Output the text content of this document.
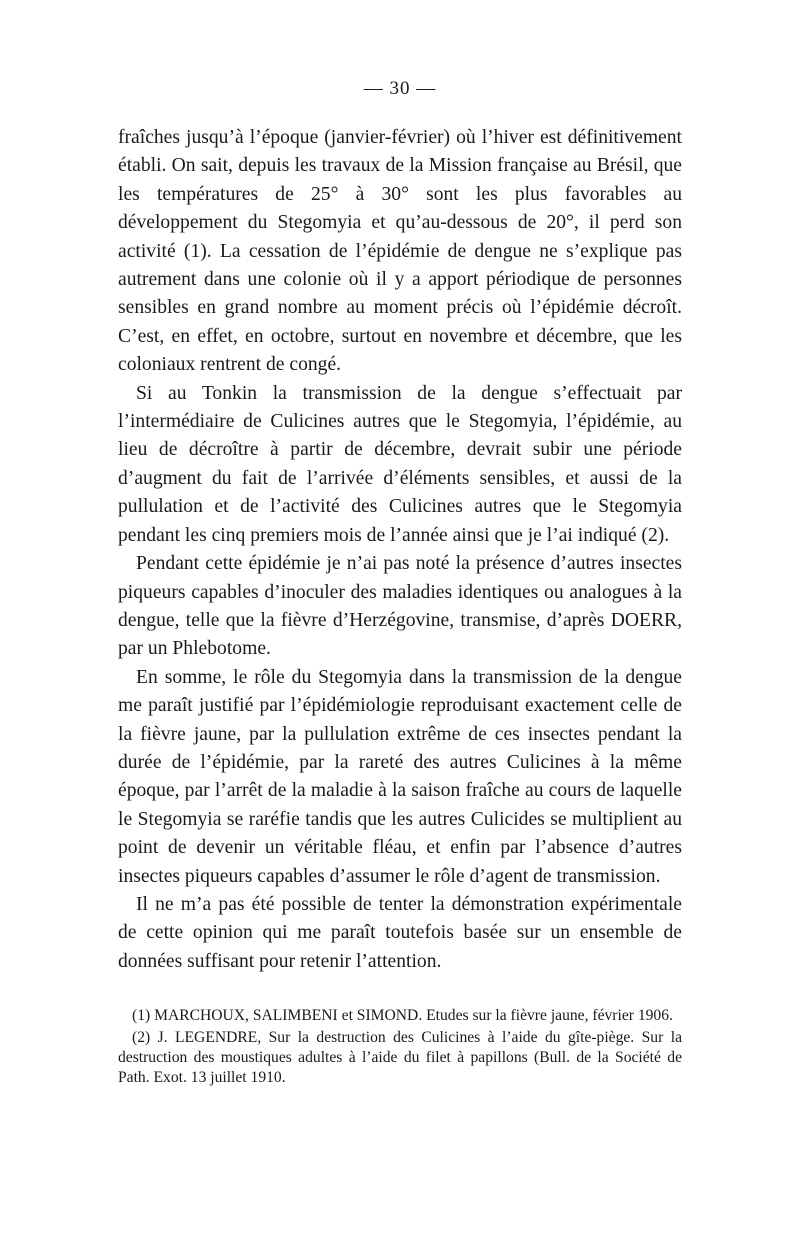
— 30 —

fraîches jusqu’à l’époque (janvier-février) où l’hiver est définitivement établi. On sait, depuis les travaux de la Mission française au Brésil, que les températures de 25° à 30° sont les plus favorables au développement du Stegomyia et qu’au-dessous de 20°, il perd son activité (1). La cessation de l’épidémie de dengue ne s’explique pas autrement dans une colonie où il y a apport périodique de personnes sensibles en grand nombre au moment précis où l’épidémie décroît. C’est, en effet, en octobre, surtout en novembre et décembre, que les coloniaux rentrent de congé.

Si au Tonkin la transmission de la dengue s’effectuait par l’intermédiaire de Culicines autres que le Stegomyia, l’épidémie, au lieu de décroître à partir de décembre, devrait subir une période d’augment du fait de l’arrivée d’éléments sensibles, et aussi de la pullulation et de l’activité des Culicines autres que le Stegomyia pendant les cinq premiers mois de l’année ainsi que je l’ai indiqué (2).

Pendant cette épidémie je n’ai pas noté la présence d’autres insectes piqueurs capables d’inoculer des maladies identiques ou analogues à la dengue, telle que la fièvre d’Herzégovine, transmise, d’après DOERR, par un Phlebotome.

En somme, le rôle du Stegomyia dans la transmission de la dengue me paraît justifié par l’épidémiologie reproduisant exactement celle de la fièvre jaune, par la pullulation extrême de ces insectes pendant la durée de l’épidémie, par la rareté des autres Culicines à la même époque, par l’arrêt de la maladie à la saison fraîche au cours de laquelle le Stegomyia se raréfie tandis que les autres Culicides se multiplient au point de devenir un véritable fléau, et enfin par l’absence d’autres insectes piqueurs capables d’assumer le rôle d’agent de transmission.

Il ne m’a pas été possible de tenter la démonstration expérimentale de cette opinion qui me paraît toutefois basée sur un ensemble de données suffisant pour retenir l’attention.

(1) MARCHOUX, SALIMBENI et SIMOND. Etudes sur la fièvre jaune, février 1906.

(2) J. LEGENDRE, Sur la destruction des Culicines à l’aide du gîte-piège. Sur la destruction des moustiques adultes à l’aide du filet à papillons (Bull. de la Société de Path. Exot. 13 juillet 1910.
